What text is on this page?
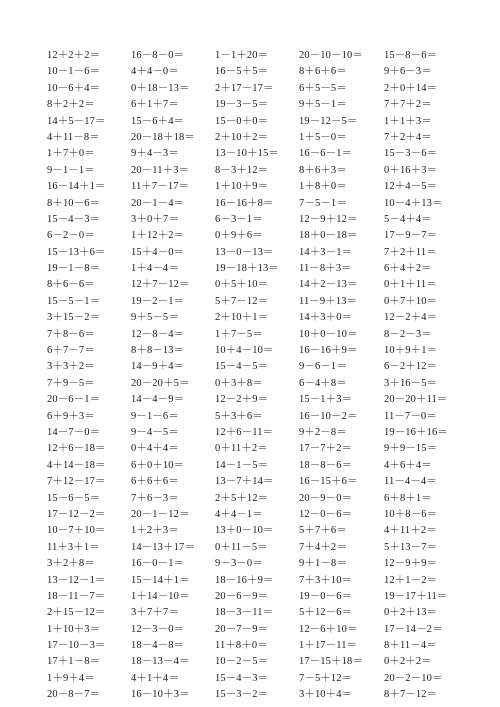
12＋2＋2＝	16－8－0＝	1－1＋20＝	20－10－10＝	15－8－6＝
10－1－6＝	4＋4－0＝	16－5＋5＝	8＋6＋6＝	9＋6－3＝
10－6＋4＝	0＋18－13＝	2＋17－17＝	6＋5－5＝	2＋0＋14＝
8＋2＋2＝	6＋1＋7＝	19－3－5＝	9＋5－1＝	7＋7＋2＝
14＋5－17＝	15－6＋4＝	15－0＋0＝	19－12－5＝	1＋1＋3＝
4＋11－8＝	20－18＋18＝	2＋10＋2＝	1＋5－0＝	7＋2＋4＝
1＋7＋0＝	9＋4－3＝	13－10＋15＝	16－6－1＝	15－3－6＝
9－1－1＝	20－11＋3＝	8－3＋12＝	8＋6＋3＝	0＋16＋3＝
16－14＋1＝	11＋7－17＝	1＋10＋9＝	1＋8＋0＝	12＋4－5＝
8＋10－6＝	20－1－4＝	16－16＋8＝	7－5－1＝	10－4＋13＝
15－4－3＝	3＋0＋7＝	6－3－1＝	12－9＋12＝	5－4＋4＝
6－2－0＝	1＋12＋2＝	0＋9＋6＝	18＋0－18＝	17－9－7＝
15－13＋6＝	15＋4－0＝	13－0－13＝	14＋3－1＝	7＋2＋11＝
19－1－8＝	1＋4－4＝	19－18＋13＝	11－8＋3＝	6＋4＋2＝
8＋6－6＝	12＋7－12＝	0＋5＋10＝	14＋2－13＝	0＋1＋11＝
15－5－1＝	19－2－1＝	5＋7－12＝	11－9＋13＝	0＋7＋10＝
3＋15－2＝	9＋5－5＝	2＋10＋1＝	14＋3＋0＝	12－2＋4＝
7＋8－6＝	12－8－4＝	1＋7－5＝	10＋0－10＝	8－2－3＝
6＋7－7＝	8＋8－13＝	10＋4－10＝	16－16＋9＝	10＋9＋1＝
3＋3＋2＝	14－9＋4＝	15－4－5＝	9－6－1＝	6－2＋12＝
7＋9－5＝	20－20＋5＝	0＋3＋8＝	6－4＋8＝	3＋16－5＝
20－6－1＝	14－4－9＝	12－2＋9＝	15－1＋3＝	20－20＋11＝
6＋9＋3＝	9－1－6＝	5＋3＋6＝	16－10－2＝	11－7－0＝
14－7－0＝	9－4－5＝	12＋6－11＝	9＋2－8＝	19－16＋16＝
12＋6－18＝	0＋4＋4＝	0＋11＋2＝	17－7＋2＝	9＋9－15＝
4＋14－18＝	6＋0＋10＝	14－1－5＝	18－8－6＝	4＋6＋4＝
7＋12－17＝	6＋6＋6＝	13－7＋14＝	16－15＋6＝	11－4－4＝
15－6－5＝	7＋6－3＝	2＋5＋12＝	20－9－0＝	6＋8＋1＝
17－12－2＝	20－1－12＝	4＋4－1＝	12－0－6＝	10＋8－6＝
10－7＋10＝	1＋2＋3＝	13＋0－10＝	5＋7＋6＝	4＋11＋2＝
11＋3＋1＝	14－13＋17＝	0＋11－5＝	7＋4＋2＝	5＋13－7＝
3＋2＋8＝	16－0－1＝	9－3－0＝	9＋1－8＝	12－9＋9＝
13－12－1＝	15－14＋1＝	18－16＋9＝	7＋3＋10＝	12＋1－2＝
18－11－7＝	1＋14－10＝	20－6－9＝	19－0－6＝	19－17＋11＝
2＋15－12＝	3＋7＋7＝	18－3－11＝	5＋12－6＝	0＋2＋13＝
1＋10＋3＝	12－3－0＝	20－7－9＝	12－6＋10＝	17－14－2＝
17－10－3＝	18－4－8＝	11＋8＋0＝	1＋17－11＝	8＋11－4＝
17＋1－8＝	18－13－4＝	10－2－5＝	17－15＋18＝	0＋2＋2＝
1＋9＋4＝	4＋1＋4＝	15－4－3＝	7－5＋12＝	20－2－10＝
20－8－7＝	16－10＋3＝	15－3－2＝	3＋10＋4＝	8＋7－12＝
